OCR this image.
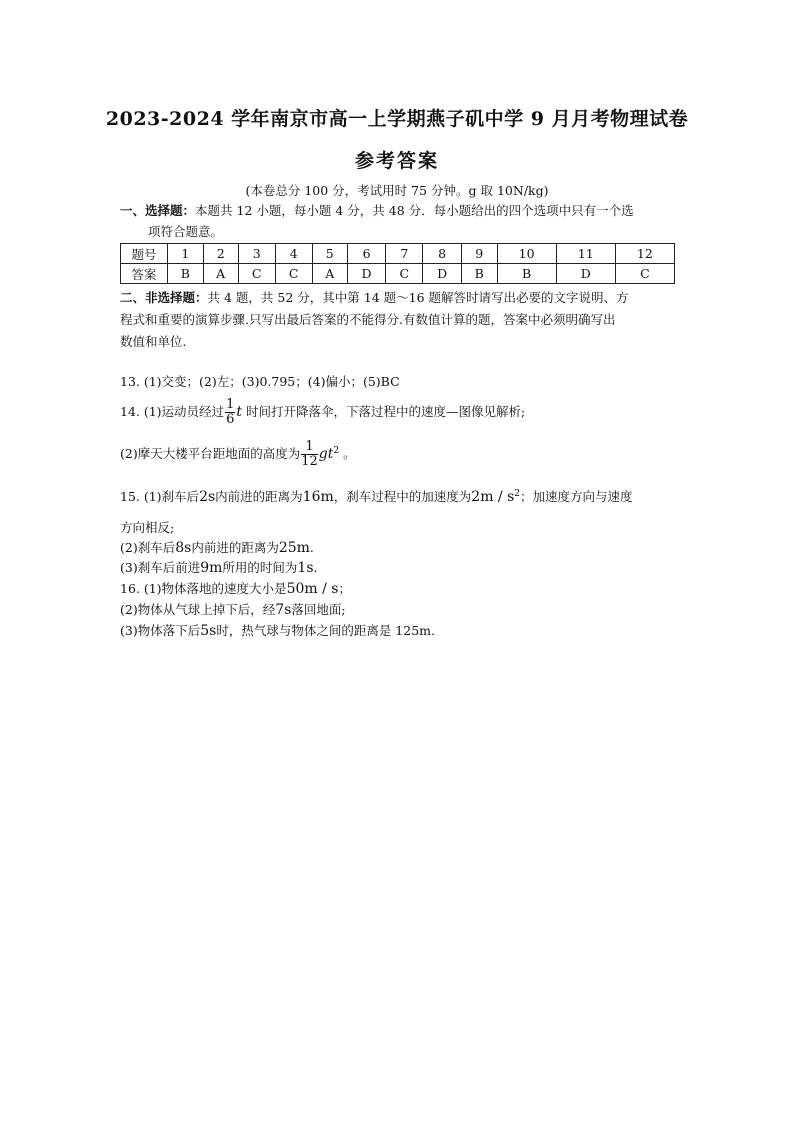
2023-2024 学年南京市高一上学期燕子矶中学 9 月月考物理试卷
参考答案
(本卷总分 100 分，考试用时 75 分钟。g 取 10N/kg)
一、选择题：本题共 12 小题，每小题 4 分，共 48 分．每小题给出的四个选项中只有一个选
项符合题意。
题号	1	2	3	4	5	6	7	8	9	10	11	12
答案	B	A	C	C	A	D	C	D	B	B	D	C
二、非选择题：共 4 题，共 52 分，其中第 14 题～16 题解答时请写出必要的文字说明、方
程式和重要的演算步骤.只写出最后答案的不能得分.有数值计算的题，答案中必须明确写出
数值和单位.
13. (1)交变；(2)左；(3)0.795；(4)偏小；(5)BC
14. (1)运动员经过 $\frac{1}{6}$ t 时间打开降落伞，下落过程中的速度—图像见解析;
(2)摩天大楼平台距地面的高度为 $\frac{1}{12} gt^2$ 。
15. (1)刹车后2s内前进的距离为16m，刹车过程中的加速度为$2m / s^2$；加速度方向与速度
方向相反;
(2)刹车后8s内前进的距离为25m.
(3)刹车后前进9m所用的时间为1s.
16. (1)物体落地的速度大小是50m / s；
(2)物体从气球上掉下后，经7s落回地面;
(3)物体落下后5s时，热气球与物体之间的距离是 125m.
